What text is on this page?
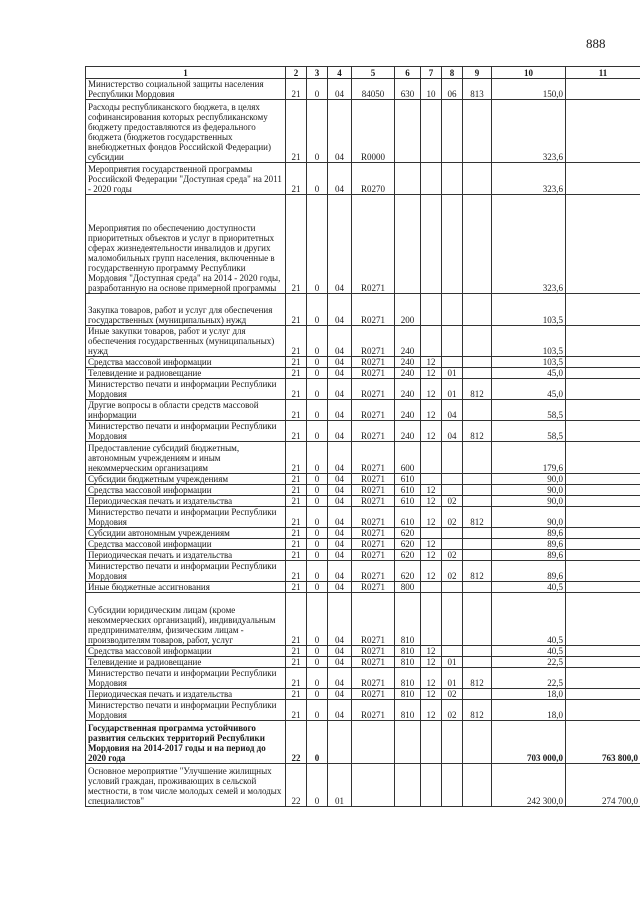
888
1	2	3	4	5	6	7	8	9	10	11
Министерство социальной защиты населения Республики Мордовия	21	0	04	84050	630	10	06	813	150,0	
Расходы республиканского бюджета, в целях софинансирования которых республиканскому бюджету предоставляются из федерального бюджета (бюджетов государственных внебюджетных фондов Российской Федерации) субсидии	21	0	04	R0000					323,6	
Мероприятия государственной программы Российской Федерации "Доступная среда" на 2011 - 2020 годы	21	0	04	R0270					323,6	
Мероприятия по обеспечению доступности приоритетных объектов и услуг в приоритетных сферах жизнедеятельности инвалидов и других маломобильных групп населения, включенные в государственную программу Республики Мордовия "Доступная среда" на 2014 - 2020 годы, разработанную на основе примерной программы	21	0	04	R0271					323,6	
Закупка товаров, работ и услуг для обеспечения государственных (муниципальных) нужд	21	0	04	R0271	200				103,5	
Иные закупки товаров, работ и услуг для обеспечения государственных (муниципальных) нужд	21	0	04	R0271	240				103,5	
Средства массовой информации	21	0	04	R0271	240	12			103,5	
Телевидение и радиовещание	21	0	04	R0271	240	12	01		45,0	
Министерство печати и информации Республики Мордовия	21	0	04	R0271	240	12	01	812	45,0	
Другие вопросы в области средств массовой информации	21	0	04	R0271	240	12	04		58,5	
Министерство печати и информации Республики Мордовия	21	0	04	R0271	240	12	04	812	58,5	
Предоставление субсидий бюджетным, автономным учреждениям и иным некоммерческим организациям	21	0	04	R0271	600				179,6	
Субсидии бюджетным учреждениям	21	0	04	R0271	610				90,0	
Средства массовой информации	21	0	04	R0271	610	12			90,0	
Периодическая печать и издательства	21	0	04	R0271	610	12	02		90,0	
Министерство печати и информации Республики Мордовия	21	0	04	R0271	610	12	02	812	90,0	
Субсидии автономным учреждениям	21	0	04	R0271	620				89,6	
Средства массовой информации	21	0	04	R0271	620	12			89,6	
Периодическая печать и издательства	21	0	04	R0271	620	12	02		89,6	
Министерство печати и информации Республики Мордовия	21	0	04	R0271	620	12	02	812	89,6	
Иные бюджетные ассигнования	21	0	04	R0271	800				40,5	
Субсидии юридическим лицам (кроме некоммерческих организаций), индивидуальным предпринимателям, физическим лицам - производителям товаров, работ, услуг	21	0	04	R0271	810				40,5	
Средства массовой информации	21	0	04	R0271	810	12			40,5	
Телевидение и радиовещание	21	0	04	R0271	810	12	01		22,5	
Министерство печати и информации Республики Мордовия	21	0	04	R0271	810	12	01	812	22,5	
Периодическая печать и издательства	21	0	04	R0271	810	12	02		18,0	
Министерство печати и информации Республики Мордовия	21	0	04	R0271	810	12	02	812	18,0	
Государственная программа устойчивого развития сельских территорий Республики Мордовия на 2014-2017 годы и на период до 2020 года	22	0							703 000,0	763 800,0
Основное мероприятие "Улучшение жилищных условий граждан, проживающих в сельской местности, в том числе молодых семей и молодых специалистов"	22	0	01						242 300,0	274 700,0
